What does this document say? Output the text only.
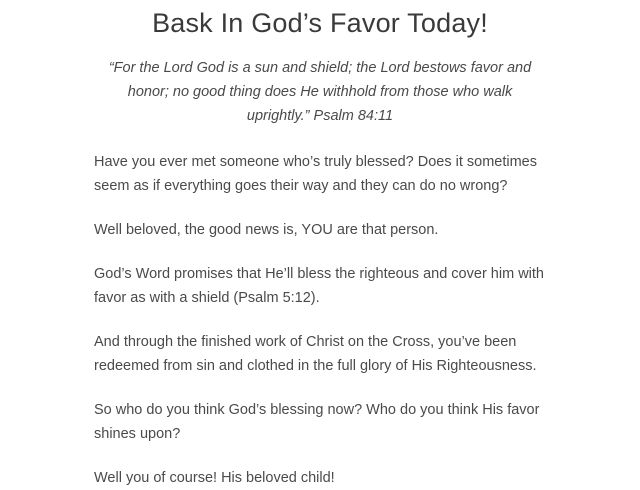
Bask In God’s Favor Today!
“For the Lord God is a sun and shield; the Lord bestows favor and honor; no good thing does He withhold from those who walk uprightly.” Psalm 84:11

Have you ever met someone who’s truly blessed? Does it sometimes seem as if everything goes their way and they can do no wrong?

Well beloved, the good news is, YOU are that person.

God’s Word promises that He’ll bless the righteous and cover him with favor as with a shield (Psalm 5:12).

And through the finished work of Christ on the Cross, you’ve been redeemed from sin and clothed in the full glory of His Righteousness.

So who do you think God’s blessing now? Who do you think His favor shines upon?

Well you of course! His beloved child!
